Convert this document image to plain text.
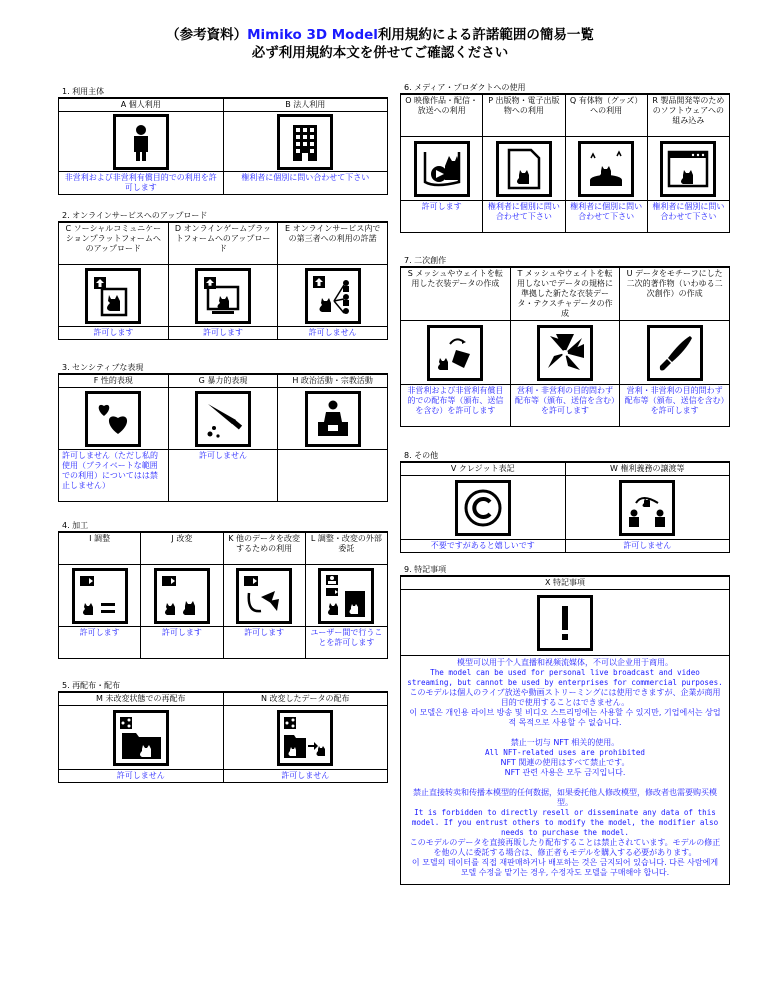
（参考資料）Mimiko 3D Model利用規約による許諾範囲の簡易一覧
必ず利用規約本文を併せてご確認ください
1. 利用主体
A 個人利用	B 法人利用

非営利および非営利有償目的での利用を許可します	権利者に個別に問い合わせて下さい
2. オンラインサービスへのアップロード
C ソーシャルコミュニケーションプラットフォームへのアップロード	D オンラインゲームプラットフォームへのアップロード	E オンラインサービス内での第三者への利用の許諾

許可します	許可します	許可しません
3. センシティブな表現
F 性的表現	G 暴力的表現	H 政治活動・宗教活動

許可しません（ただし私的使用（プライベートな範囲での利用）についてはは禁止しません）	許可しません	
4. 加工
I 調整	J 改変	K 他のデータを改変するための利用	L 調整・改変の外部委託

許可します	許可します	許可します	ユーザー間で行うことを許可します
5. 再配布・配布
M 未改変状態での再配布	N 改変したデータの配布

許可しません	許可しません
6. メディア・プロダクトへの使用
O 映像作品・配信・放送への利用	P 出版物・電子出版物への利用	Q 有体物（グッズ）への利用	R 製品開発等のためのソフトウェアへの組み込み

許可します	権利者に個別に問い合わせて下さい	権利者に個別に問い合わせて下さい	権利者に個別に問い合わせて下さい
7. 二次創作
S メッシュやウェイトを転用した衣装データの作成	T メッシュやウェイトを転用しないでデータの規格に準拠した新たな衣装データ・テクスチャデータの作成	U データをモチーフにした二次的著作物（いわゆる二次創作）の作成

非営利および非営利有償目的での配布等（頒布、送信を含む）を許可します	営利・非営利の目的問わず配布等（頒布、送信を含む）を許可します	営利・非営利の目的問わず配布等（頒布、送信を含む）を許可します
8. その他
V クレジット表記	W 権利義務の譲渡等

不要ですがあると嬉しいです	許可しません
9. 特記事項
X 特記事項

模型可以用于个人直播和视频流媒体，不可以企业用于商用。
The model can be used for personal live broadcast and video streaming, but cannot be used by enterprises for commercial purposes.
このモデルは個人のライブ放送や動画ストリーミングには使用できますが、企業が商用目的で使用することはできません。
이 모델은 개인용 라이브 방송 및 비디오 스트리밍에는 사용할 수 있지만, 기업에서는 상업적 목적으로 사용할 수 없습니다.

禁止一切与 NFT 相关的使用。
All NFT-related uses are prohibited
NFT 関連の使用はすべて禁止です。
NFT 관련 사용은 모두 금지입니다.

禁止直接转卖和传播本模型的任何数据，如果委托他人修改模型，修改者也需要购买模型。
It is forbidden to directly resell or disseminate any data of this model. If you entrust others to modify the model, the modifier also needs to purchase the model.
このモデルのデータを直接再販したり配布することは禁止されています。モデルの修正を他の人に委託する場合は、修正者もモデルを購入する必要があります。
이 모델의 데이터를 직접 재판매하거나 배포하는 것은 금지되어 있습니다. 다른 사람에게 모델 수정을 맡기는 경우, 수정자도 모델을 구매해야 합니다.
